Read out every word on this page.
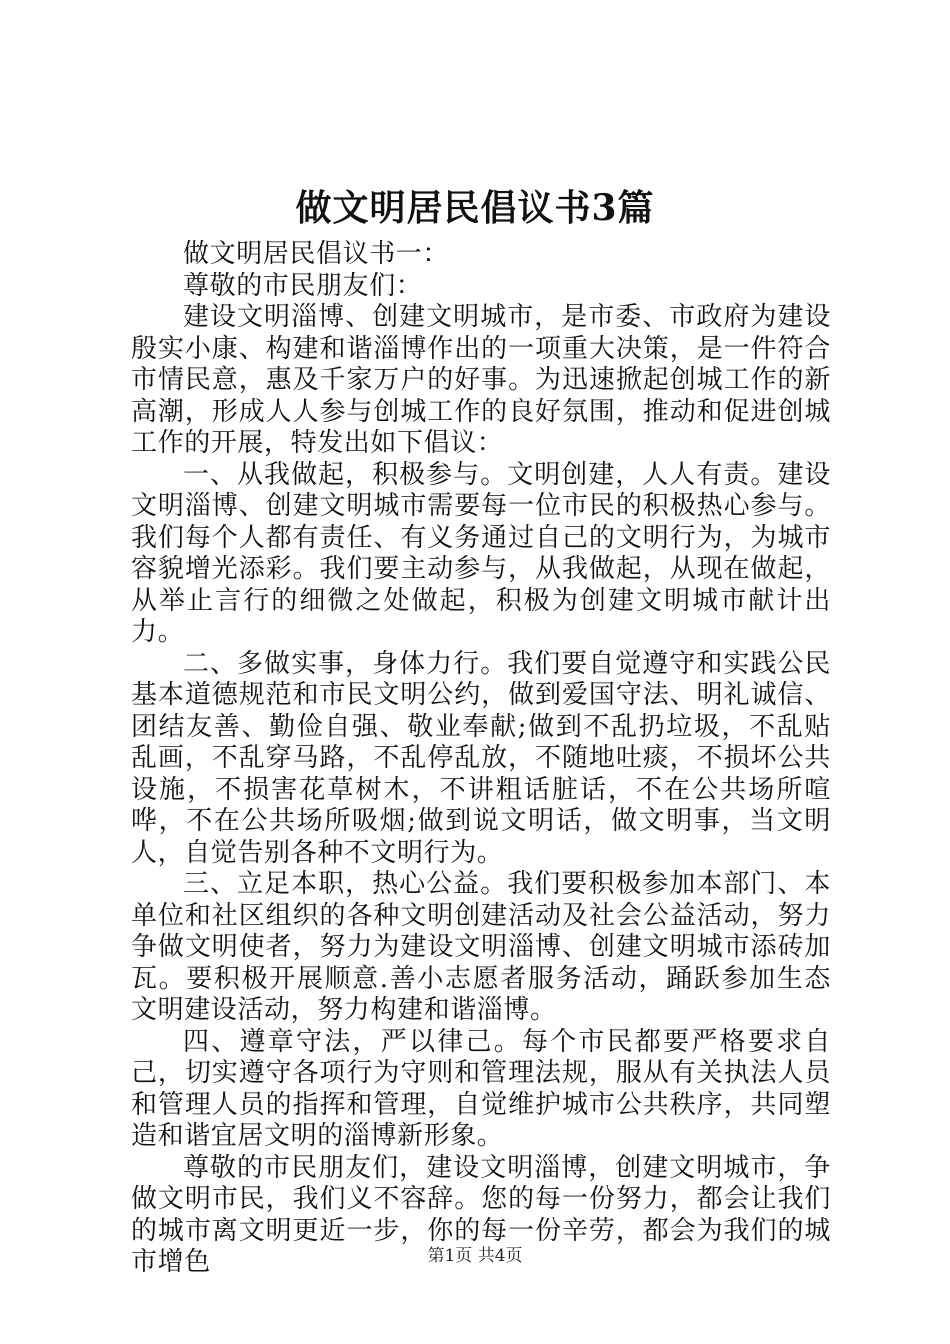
做文明居民倡议书3篇

做文明居民倡议书一：

尊敬的市民朋友们：

建设文明淄博、创建文明城市，是市委、市政府为建设殷实小康、构建和谐淄博作出的一项重大决策，是一件符合市情民意，惠及千家万户的好事。为迅速掀起创城工作的新高潮，形成人人参与创城工作的良好氛围，推动和促进创城工作的开展，特发出如下倡议：

一、从我做起，积极参与。文明创建，人人有责。建设文明淄博、创建文明城市需要每一位市民的积极热心参与。我们每个人都有责任、有义务通过自己的文明行为，为城市容貌增光添彩。我们要主动参与，从我做起，从现在做起，从举止言行的细微之处做起，积极为创建文明城市献计出力。

二、多做实事，身体力行。我们要自觉遵守和实践公民基本道德规范和市民文明公约，做到爱国守法、明礼诚信、团结友善、勤俭自强、敬业奉献;做到不乱扔垃圾，不乱贴乱画，不乱穿马路，不乱停乱放，不随地吐痰，不损坏公共设施，不损害花草树木，不讲粗话脏话，不在公共场所喧哗，不在公共场所吸烟;做到说文明话，做文明事，当文明人，自觉告别各种不文明行为。

三、立足本职，热心公益。我们要积极参加本部门、本单位和社区组织的各种文明创建活动及社会公益活动，努力争做文明使者，努力为建设文明淄博、创建文明城市添砖加瓦。要积极开展顺意.善小志愿者服务活动，踊跃参加生态文明建设活动，努力构建和谐淄博。

四、遵章守法，严以律己。每个市民都要严格要求自己，切实遵守各项行为守则和管理法规，服从有关执法人员和管理人员的指挥和管理，自觉维护城市公共秩序，共同塑造和谐宜居文明的淄博新形象。

尊敬的市民朋友们，建设文明淄博，创建文明城市，争做文明市民，我们义不容辞。您的每一份努力，都会让我们的城市离文明更近一步，你的每一份辛劳，都会为我们的城市增色	第1页 共4页
